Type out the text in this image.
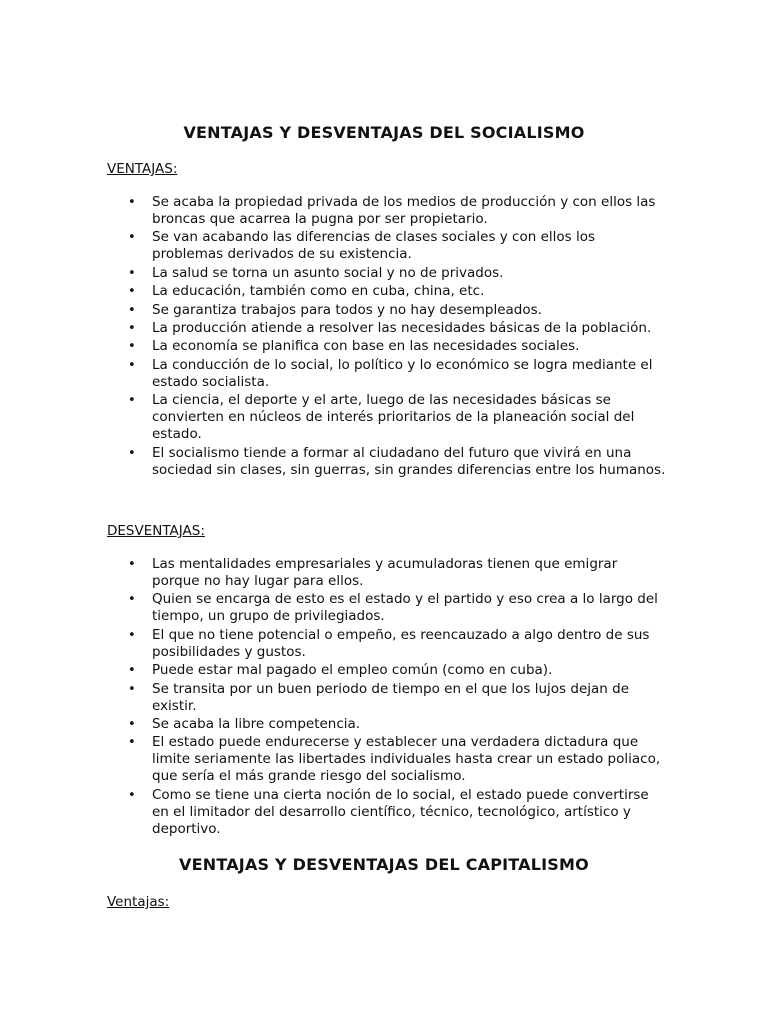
VENTAJAS Y DESVENTAJAS DEL SOCIALISMO

VENTAJAS:

• Se acaba la propiedad privada de los medios de producción y con ellos las broncas que acarrea la pugna por ser propietario.
• Se van acabando las diferencias de clases sociales y con ellos los problemas derivados de su existencia.
• La salud se torna un asunto social y no de privados.
• La educación, también como en cuba, china, etc.
• Se garantiza trabajos para todos y no hay desempleados.
• La producción atiende a resolver las necesidades básicas de la población.
• La economía se planifica con base en las necesidades sociales.
• La conducción de lo social, lo político y lo económico se logra mediante el estado socialista.
• La ciencia, el deporte y el arte, luego de las necesidades básicas se convierten en núcleos de interés prioritarios de la planeación social del estado.
• El socialismo tiende a formar al ciudadano del futuro que vivirá en una sociedad sin clases, sin guerras, sin grandes diferencias entre los humanos.

DESVENTAJAS:

• Las mentalidades empresariales y acumuladoras tienen que emigrar porque no hay lugar para ellos.
• Quien se encarga de esto es el estado y el partido y eso crea a lo largo del tiempo, un grupo de privilegiados.
• El que no tiene potencial o empeño, es reencauzado a algo dentro de sus posibilidades y gustos.
• Puede estar mal pagado el empleo común (como en cuba).
• Se transita por un buen periodo de tiempo en el que los lujos dejan de existir.
• Se acaba la libre competencia.
• El estado puede endurecerse y establecer una verdadera dictadura que limite seriamente las libertades individuales hasta crear un estado poliaco, que sería el más grande riesgo del socialismo.
• Como se tiene una cierta noción de lo social, el estado puede convertirse en el limitador del desarrollo científico, técnico, tecnológico, artístico y deportivo.
VENTAJAS Y DESVENTAJAS DEL CAPITALISMO

Ventajas:
